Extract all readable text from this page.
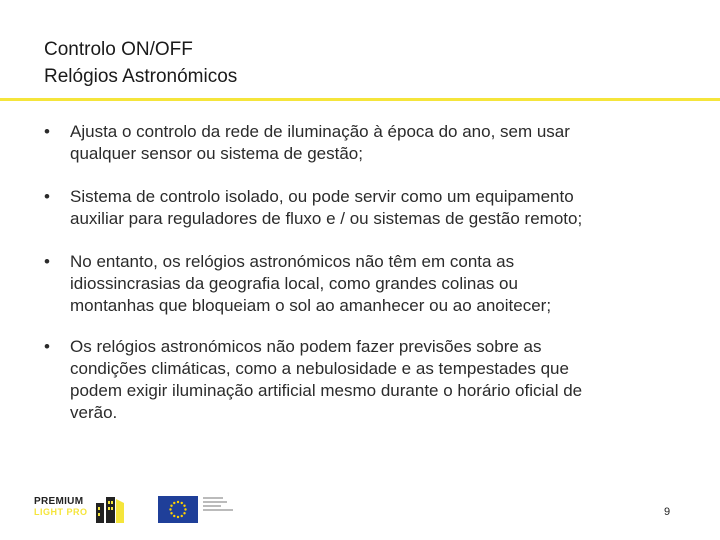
Controlo ON/OFF
Relógios Astronómicos
• Ajusta o controlo da rede de iluminação à época do ano, sem usar
qualquer sensor ou sistema de gestão;
• Sistema de controlo isolado, ou pode servir como um equipamento
auxiliar para reguladores de fluxo e / ou sistemas de gestão remoto;
• No entanto, os relógios astronómicos não têm em conta as
idiossincrasias da geografia local, como grandes colinas ou
montanhas que bloqueiam o sol ao amanhecer ou ao anoitecer;
• Os relógios astronómicos não podem fazer previsões sobre as
condições climáticas, como a nebulosidade e as tempestades que
podem exigir iluminação artificial mesmo durante o horário oficial de
verão.
PREMIUM
LIGHT PRO	9
